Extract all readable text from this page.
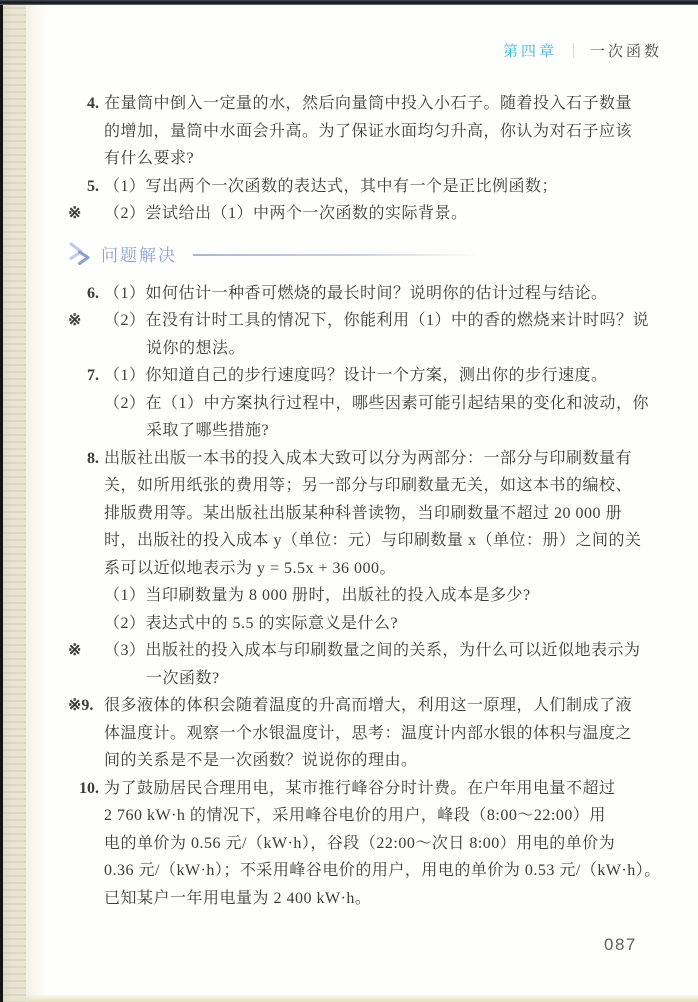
第四章 ｜ 一次函数
4. 在量筒中倒入一定量的水，然后向量筒中投入小石子。随着投入石子数量
的增加，量筒中水面会升高。为了保证水面均匀升高，你认为对石子应该
有什么要求?
5. （1）写出两个一次函数的表达式，其中有一个是正比例函数；
※	（2）尝试给出（1）中两个一次函数的实际背景。
问题解决
6. （1）如何估计一种香可燃烧的最长时间？说明你的估计过程与结论。
※	（2）在没有计时工具的情况下，你能利用（1）中的香的燃烧来计时吗？说
说你的想法。
7. （1）你知道自己的步行速度吗？设计一个方案，测出你的步行速度。
（2）在（1）中方案执行过程中，哪些因素可能引起结果的变化和波动，你
采取了哪些措施?
8. 出版社出版一本书的投入成本大致可以分为两部分：一部分与印刷数量有
关，如所用纸张的费用等；另一部分与印刷数量无关，如这本书的编校、
排版费用等。某出版社出版某种科普读物，当印刷数量不超过 20 000 册
时，出版社的投入成本 y（单位：元）与印刷数量 x（单位：册）之间的关
系可以近似地表示为 y = 5.5x + 36 000。
（1）当印刷数量为 8 000 册时，出版社的投入成本是多少?
（2）表达式中的 5.5 的实际意义是什么?
※	（3）出版社的投入成本与印刷数量之间的关系，为什么可以近似地表示为
一次函数?
※9. 很多液体的体积会随着温度的升高而增大，利用这一原理，人们制成了液
体温度计。观察一个水银温度计，思考：温度计内部水银的体积与温度之
间的关系是不是一次函数？说说你的理由。
10. 为了鼓励居民合理用电，某市推行峰谷分时计费。在户年用电量不超过
2 760 kW·h 的情况下，采用峰谷电价的用户，峰段（8:00～22:00）用
电的单价为 0.56 元/（kW·h），谷段（22:00～次日 8:00）用电的单价为
0.36 元/（kW·h）；不采用峰谷电价的用户，用电的单价为 0.53 元/（kW·h）。
已知某户一年用电量为 2 400 kW·h。
087
